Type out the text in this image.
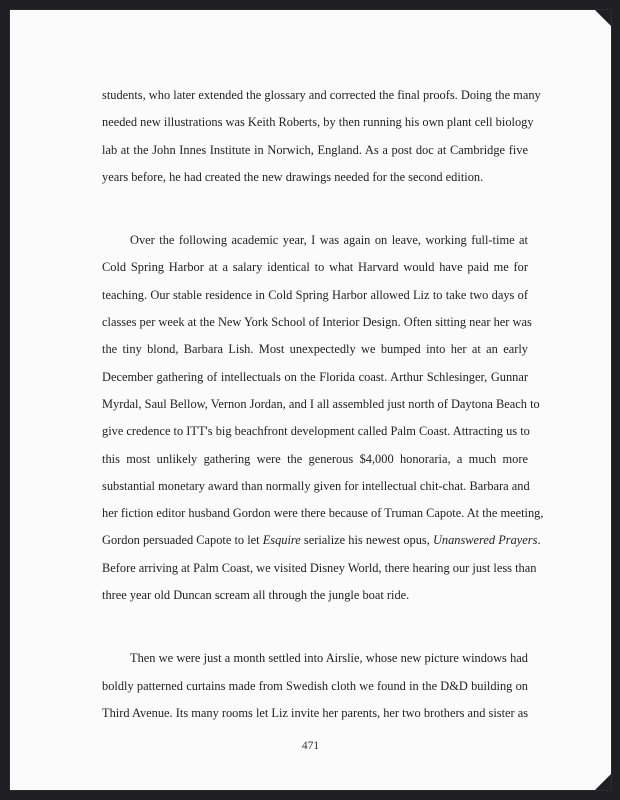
students, who later extended the glossary and corrected the final proofs. Doing the many
needed new illustrations was Keith Roberts, by then running his own plant cell biology
lab at the John Innes Institute in Norwich, England. As a post doc at Cambridge five
years before, he had created the new drawings needed for the second edition.
Over the following academic year, I was again on leave, working full-time at
Cold Spring Harbor at a salary identical to what Harvard would have paid me for
teaching. Our stable residence in Cold Spring Harbor allowed Liz to take two days of
classes per week at the New York School of Interior Design. Often sitting near her was
the tiny blond, Barbara Lish. Most unexpectedly we bumped into her at an early
December gathering of intellectuals on the Florida coast. Arthur Schlesinger, Gunnar
Myrdal, Saul Bellow, Vernon Jordan, and I all assembled just north of Daytona Beach to
give credence to ITT's big beachfront development called Palm Coast. Attracting us to
this most unlikely gathering were the generous $4,000 honoraria, a much more
substantial monetary award than normally given for intellectual chit-chat. Barbara and
her fiction editor husband Gordon were there because of Truman Capote. At the meeting,
Gordon persuaded Capote to let Esquire serialize his newest opus, Unanswered Prayers.
Before arriving at Palm Coast, we visited Disney World, there hearing our just less than
three year old Duncan scream all through the jungle boat ride.
Then we were just a month settled into Airslie, whose new picture windows had
boldly patterned curtains made from Swedish cloth we found in the D&D building on
Third Avenue. Its many rooms let Liz invite her parents, her two brothers and sister as
471
